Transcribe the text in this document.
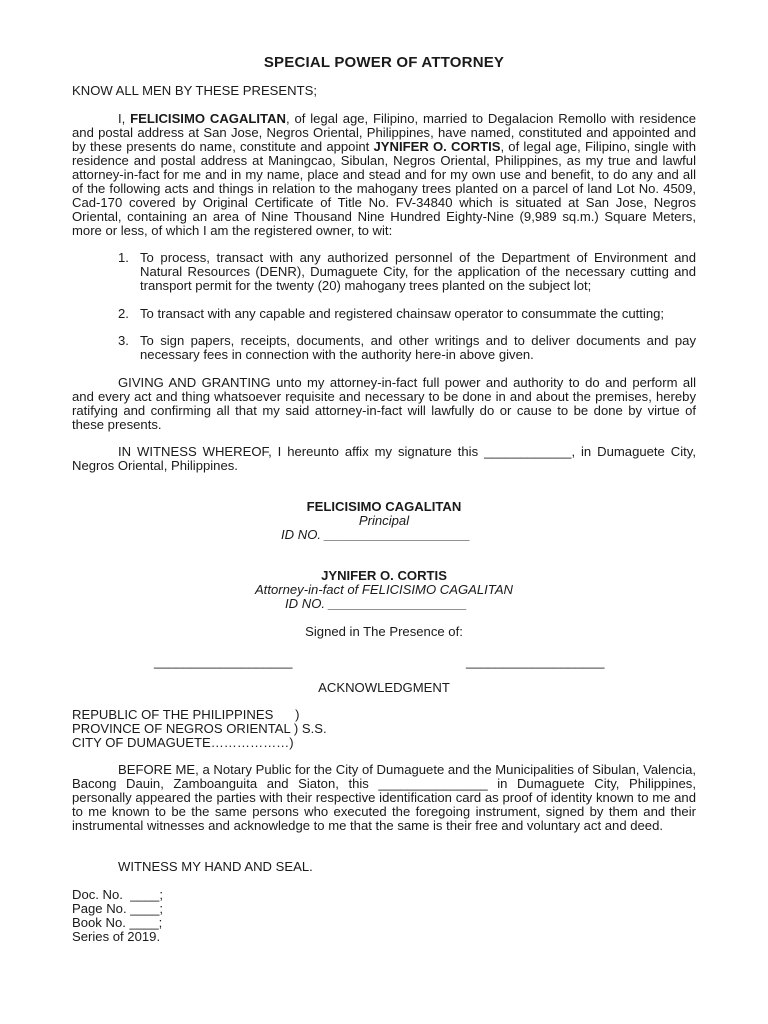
SPECIAL POWER OF ATTORNEY
KNOW ALL MEN BY THESE PRESENTS;
I, FELICISIMO CAGALITAN, of legal age, Filipino, married to Degalacion Remollo with residence and postal address at San Jose, Negros Oriental, Philippines, have named, constituted and appointed and by these presents do name, constitute and appoint JYNIFER O. CORTIS, of legal age, Filipino, single with residence and postal address at Maningcao, Sibulan, Negros Oriental, Philippines, as my true and lawful attorney-in-fact for me and in my name, place and stead and for my own use and benefit, to do any and all of the following acts and things in relation to the mahogany trees planted on a parcel of land Lot No. 4509, Cad-170 covered by Original Certificate of Title No. FV-34840 which is situated at San Jose, Negros Oriental, containing an area of Nine Thousand Nine Hundred Eighty-Nine (9,989 sq.m.) Square Meters, more or less, of which I am the registered owner, to wit:
1. To process, transact with any authorized personnel of the Department of Environment and Natural Resources (DENR), Dumaguete City, for the application of the necessary cutting and transport permit for the twenty (20) mahogany trees planted on the subject lot;
2. To transact with any capable and registered chainsaw operator to consummate the cutting;
3. To sign papers, receipts, documents, and other writings and to deliver documents and pay necessary fees in connection with the authority here-in above given.
GIVING AND GRANTING unto my attorney-in-fact full power and authority to do and perform all and every act and thing whatsoever requisite and necessary to be done in and about the premises, hereby ratifying and confirming all that my said attorney-in-fact will lawfully do or cause to be done by virtue of these presents.
IN WITNESS WHEREOF, I hereunto affix my signature this ____________, in Dumaguete City, Negros Oriental, Philippines.
FELICISIMO CAGALITAN
Principal
ID NO. ____________________
JYNIFER O. CORTIS
Attorney-in-fact of FELICISIMO CAGALITAN
ID NO. ___________________
Signed in The Presence of:
___________________	___________________
ACKNOWLEDGMENT
REPUBLIC OF THE PHILIPPINES      )
PROVINCE OF NEGROS ORIENTAL ) S.S.
CITY OF DUMAGUETE………………)
BEFORE ME, a Notary Public for the City of Dumaguete and the Municipalities of Sibulan, Valencia, Bacong Dauin, Zamboanguita and Siaton, this _______________ in Dumaguete City, Philippines, personally appeared the parties with their respective identification card as proof of identity known to me and to me known to be the same persons who executed the foregoing instrument, signed by them and their instrumental witnesses and acknowledge to me that the same is their free and voluntary act and deed.
WITNESS MY HAND AND SEAL.
Doc. No.  ____;
Page No. ____;
Book No. ____;
Series of 2019.
